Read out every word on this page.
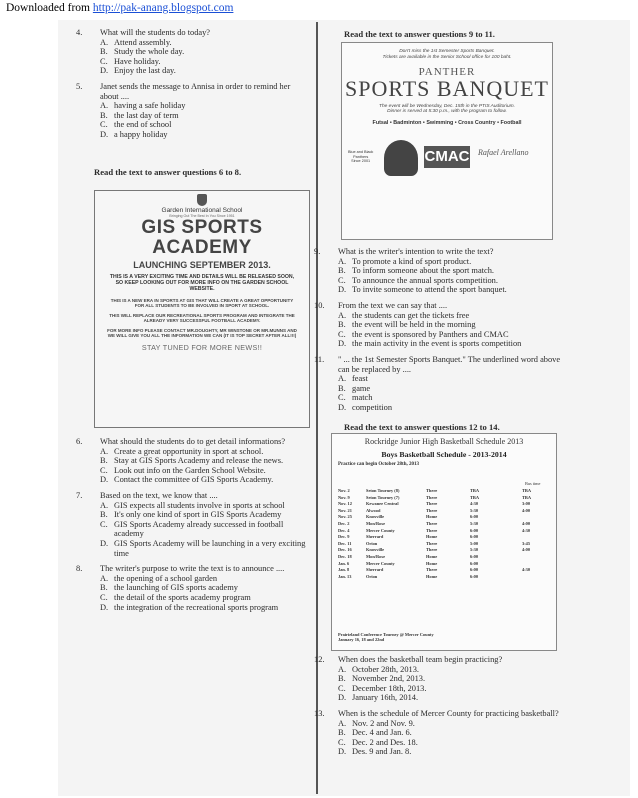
Downloaded from http://pak-anang.blogspot.com
4. What will the students do today?
A. Attend assembly.
B. Study the whole day.
C. Have holiday.
D. Enjoy the last day.
5. Janet sends the message to Annisa in order to remind her about ....
A. having a safe holiday
B. the last day of term
C. the end of school
D. a happy holiday
Read the text to answer questions 6 to 8.
Garden International School
Bringing Out The Best In You Since 1951
GIS SPORTS
ACADEMY
LAUNCHING SEPTEMBER 2013.
THIS IS A VERY EXCITING TIME AND DETAILS WILL BE RELEASED SOON, SO KEEP LOOKING OUT FOR MORE INFO ON THE GARDEN SCHOOL WEBSITE.
THIS IS A NEW ERA IN SPORTS AT GIS THAT WILL CREATE A GREAT OPPORTUNITY FOR ALL STUDENTS TO BE INVOLVED IN SPORT AT SCHOOL.
THIS WILL REPLACE OUR RECREATIONAL SPORTS PROGRAM AND INTEGRATE THE ALREADY VERY SUCCESSFUL FOOTBALL ACADEMY.
FOR MORE INFO PLEASE CONTACT MR.DOUGHTY, MR WINSTONE OR MR.MUNNS AND WE WILL GIVE YOU ALL THE INFORMATION WE CAN (IT IS TOP SECRET AFTER ALL!!!)
STAY TUNED FOR MORE NEWS!!
6. What should the students do to get detail informations?
A. Create a great opportunity in sport at school.
B. Stay at GIS Sports Academy and release the news.
C. Look out info on the Garden School Website.
D. Contact the committee of GIS Sports Academy.
7. Based on the text, we know that ....
A. GIS expects all students involve in sports at school
B. It's only one kind of sport in GIS Sports Academy
C. GIS Sports Academy already successed in football academy
D. GIS Sports Academy will be launching in a very exciting time
8. The writer's purpose to write the text is to announce ....
A. the opening of a school garden
B. the launching of GIS sports academy
C. the detail of the sports academy program
D. the integration of the recreational sports program
Read the text to answer questions 9 to 11.
Don't miss the 1st Semester Sports Banquet.
Tickets are available in the Senior School office for 100 baht.
PANTHER
SPORTS BANQUET
The event will be Wednesday, Dec. 15th in the PTIS Auditorium.
Dinner is served at 5:30 p.m., with the program to follow.
Futsal • Badminton • Swimming • Cross Country • Football
Blue and Black
Panthers
Since 2001	CMAC Rafael Arellano
9. What is the writer's intention to write the text?
A. To promote a kind of sport product.
B. To inform someone about the sport match.
C. To announce the annual sports competition.
D. To invite someone to attend the sport banquet.
10. From the text we can say that ....
A. the students can get the tickets free
B. the event will be held in the morning
C. the event is sponsored by Panthers and CMAC
D. the main activity in the event is sports competition
11. " ... the 1st Semester Sports Banquet." The underlined word above can be replaced by ....
A. feast
B. game
C. match
D. competition
Read the text to answer questions 12 to 14.
Rockridge Junior High Basketball Schedule 2013
Boys Basketball Schedule - 2013-2014
Practice can begin October 28th, 2013
Bus time
Nov. 2	Seton Tourney (8)	There	TBA	TBA
Nov. 9	Seton Tourney (7)	There	TBA	TBA
Nov. 12	Kewanee Central	There	4:30	3:00
Nov. 21	Alwood	There	5:30	4:00
Nov. 25	Knoxville	Home	6:00
Dec. 2	Mon/Rose	There	5:30	4:00
Dec. 4	Mercer County	There	6:00	4:30
Dec. 9	Sherrard	Home	6:00
Dec. 11	Orion	There	5:00	3:45
Dec. 16	Knoxville	There	5:30	4:00
Dec. 18	Mon/Rose	Home	6:00
Jan. 6	Mercer County	Home	6:00
Jan. 8	Sherrard	There	6:00	4:30
Jan. 13	Orion	Home	6:00
Prairieland Conference Tourney @ Mercer County
January 16, 18 and 22nd
12. When does the basketball team begin practicing?
A. October 28th, 2013.
B. November 2nd, 2013.
C. December 18th, 2013.
D. January 16th, 2014.
13. When is the schedule of Mercer County for practicing basketball?
A. Nov. 2 and Nov. 9.
B. Dec. 4 and Jan. 6.
C. Dec. 2 and Des. 18.
D. Des. 9 and Jan. 8.
